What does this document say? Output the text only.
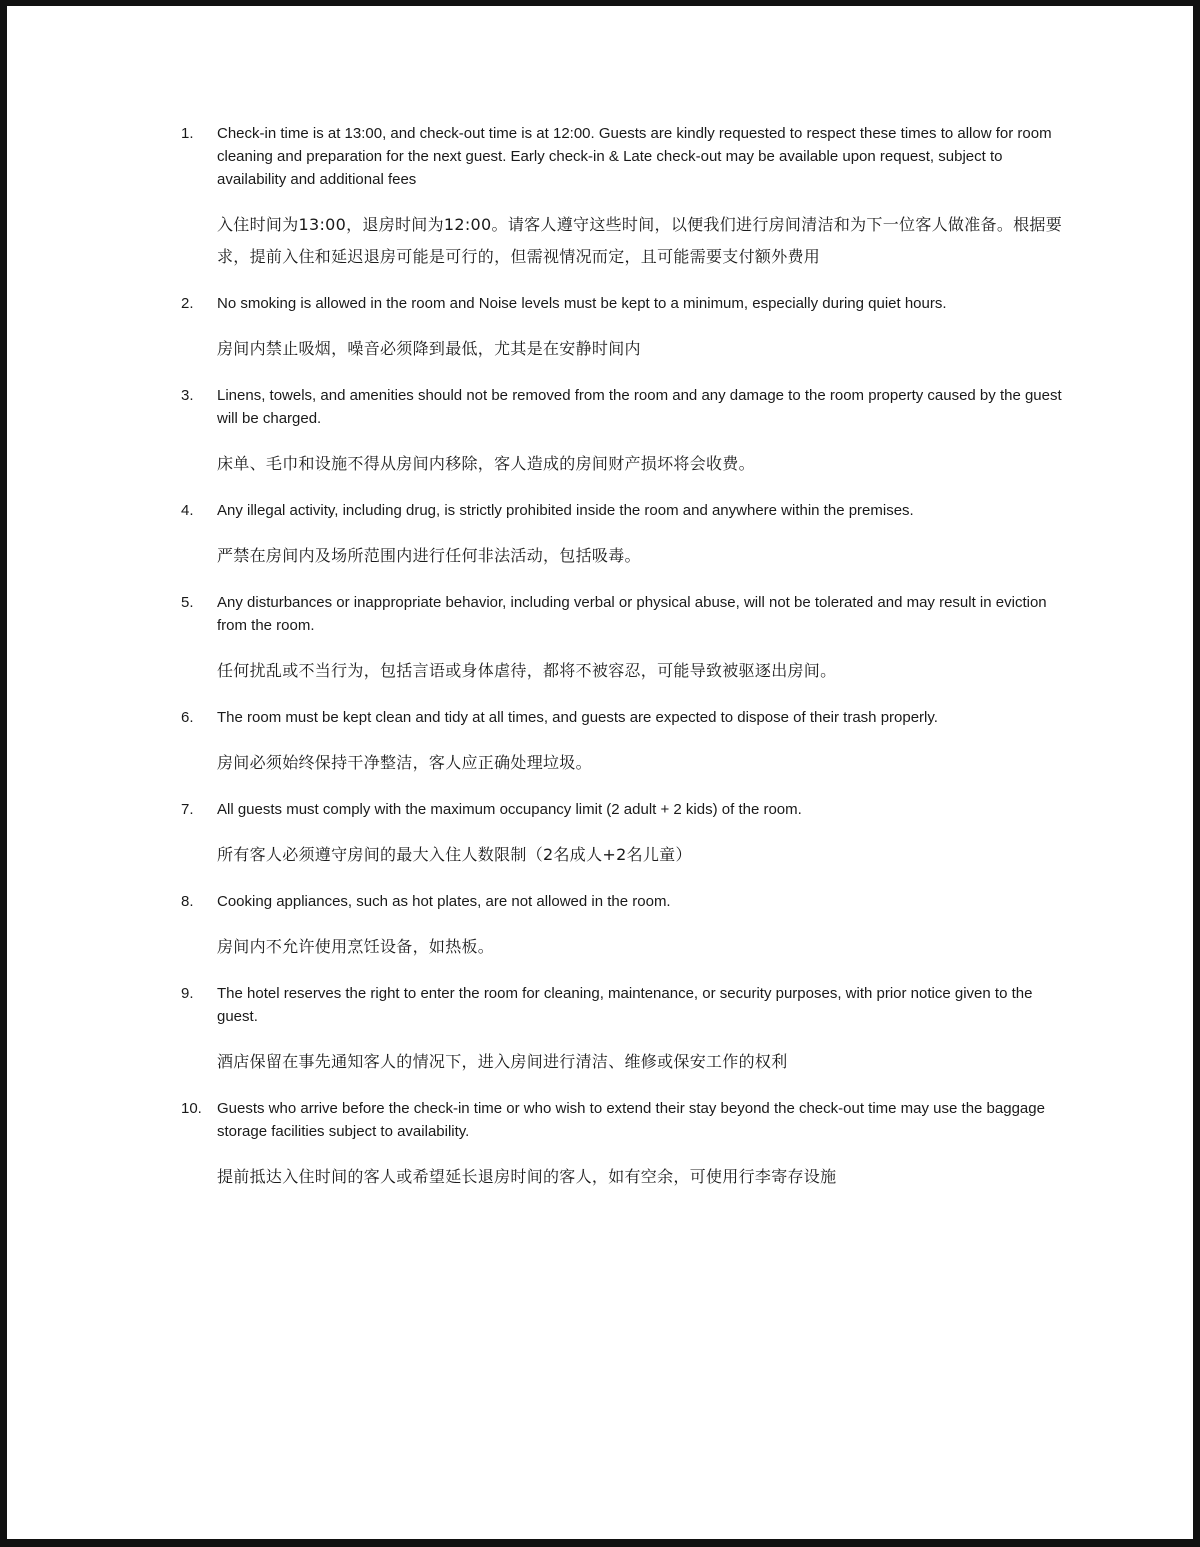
1. Check-in time is at 13:00, and check-out time is at 12:00. Guests are kindly requested to respect these times to allow for room cleaning and preparation for the next guest. Early check-in & Late check-out may be available upon request, subject to availability and additional fees

入住时间为13:00，退房时间为12:00。请客人遵守这些时间，以便我们进行房间清洁和为下一位客人做准备。根据要求，提前入住和延迟退房可能是可行的，但需视情况而定，且可能需要支付额外费用

2. No smoking is allowed in the room and Noise levels must be kept to a minimum, especially during quiet hours.

房间内禁止吸烟，噪音必须降到最低，尤其是在安静时间内

3. Linens, towels, and amenities should not be removed from the room and any damage to the room property caused by the guest will be charged.

床单、毛巾和设施不得从房间内移除，客人造成的房间财产损坏将会收费。

4. Any illegal activity, including drug, is strictly prohibited inside the room and anywhere within the premises.

严禁在房间内及场所范围内进行任何非法活动，包括吸毒。

5. Any disturbances or inappropriate behavior, including verbal or physical abuse, will not be tolerated and may result in eviction from the room.

任何扰乱或不当行为，包括言语或身体虐待，都将不被容忍，可能导致被驱逐出房间。

6. The room must be kept clean and tidy at all times, and guests are expected to dispose of their trash properly.

房间必须始终保持干净整洁，客人应正确处理垃圾。

7. All guests must comply with the maximum occupancy limit (2 adult + 2 kids) of the room.

所有客人必须遵守房间的最大入住人数限制（2名成人+2名儿童）

8. Cooking appliances, such as hot plates, are not allowed in the room.

房间内不允许使用烹饪设备，如热板。

9. The hotel reserves the right to enter the room for cleaning, maintenance, or security purposes, with prior notice given to the guest.

酒店保留在事先通知客人的情况下，进入房间进行清洁、维修或保安工作的权利

10. Guests who arrive before the check-in time or who wish to extend their stay beyond the check-out time may use the baggage storage facilities subject to availability.

提前抵达入住时间的客人或希望延长退房时间的客人，如有空余，可使用行李寄存设施
